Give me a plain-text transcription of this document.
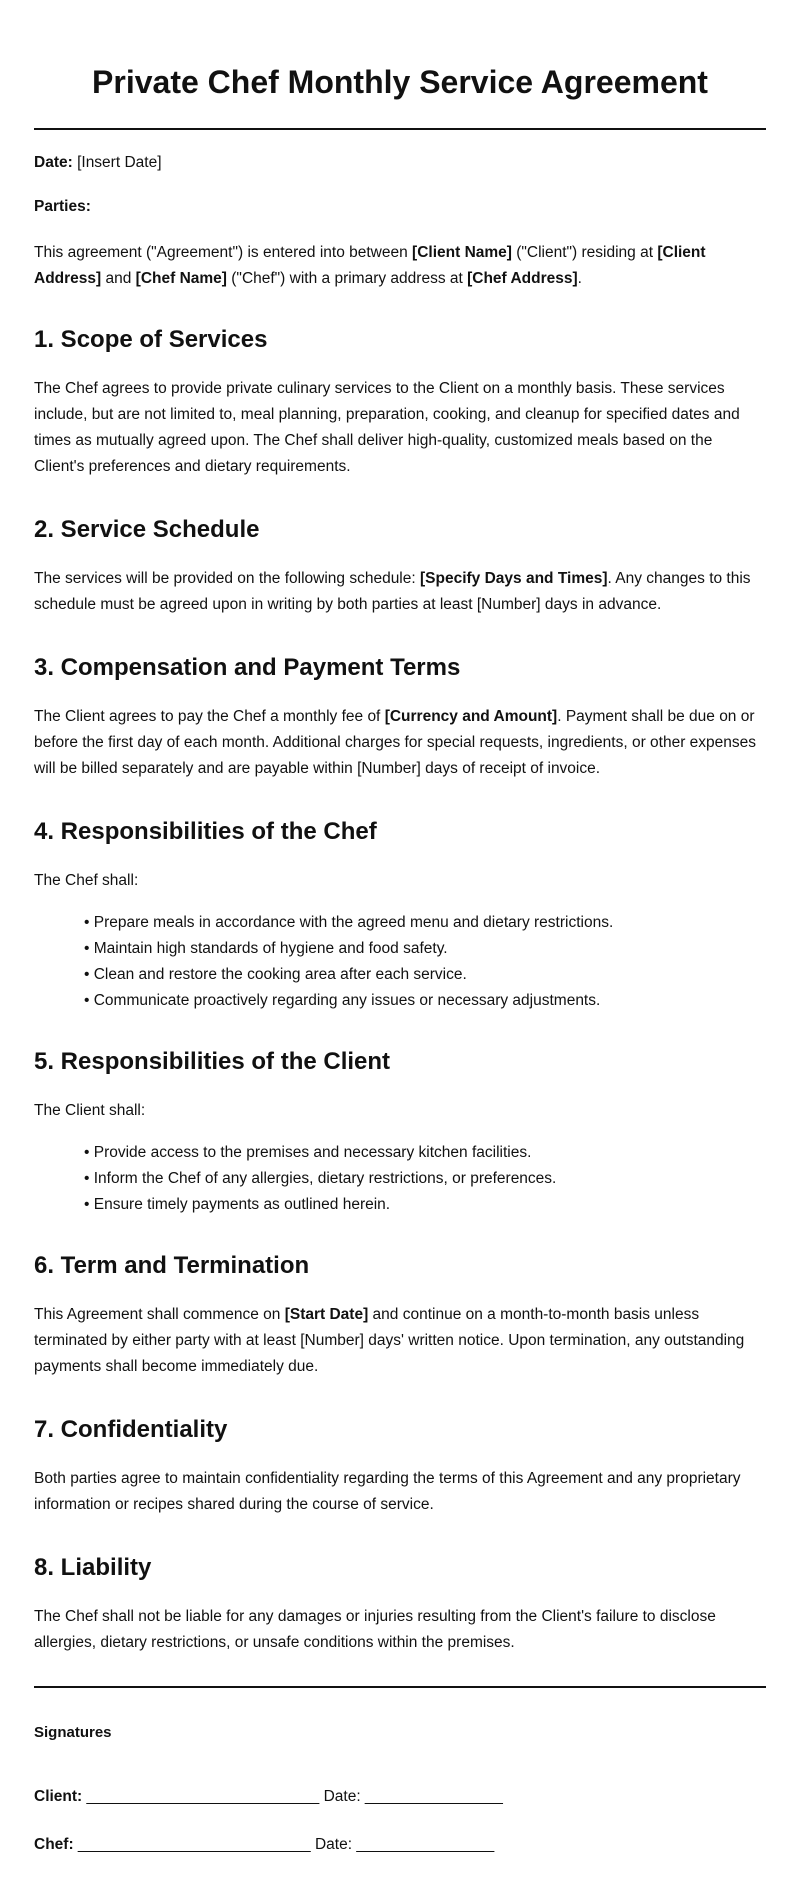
Private Chef Monthly Service Agreement

Date: [Insert Date]

Parties:

This agreement ("Agreement") is entered into between [Client Name] ("Client") residing at [Client Address] and [Chef Name] ("Chef") with a primary address at [Chef Address].

1. Scope of Services

The Chef agrees to provide private culinary services to the Client on a monthly basis. These services include, but are not limited to, meal planning, preparation, cooking, and cleanup for specified dates and times as mutually agreed upon. The Chef shall deliver high-quality, customized meals based on the Client's preferences and dietary requirements.

2. Service Schedule

The services will be provided on the following schedule: [Specify Days and Times]. Any changes to this schedule must be agreed upon in writing by both parties at least [Number] days in advance.

3. Compensation and Payment Terms

The Client agrees to pay the Chef a monthly fee of [Currency and Amount]. Payment shall be due on or before the first day of each month. Additional charges for special requests, ingredients, or other expenses will be billed separately and are payable within [Number] days of receipt of invoice.

4. Responsibilities of the Chef

The Chef shall:

• Prepare meals in accordance with the agreed menu and dietary restrictions.
• Maintain high standards of hygiene and food safety.
• Clean and restore the cooking area after each service.
• Communicate proactively regarding any issues or necessary adjustments.
5. Responsibilities of the Client

The Client shall:

• Provide access to the premises and necessary kitchen facilities.
• Inform the Chef of any allergies, dietary restrictions, or preferences.
• Ensure timely payments as outlined herein.
6. Term and Termination

This Agreement shall commence on [Start Date] and continue on a month-to-month basis unless terminated by either party with at least [Number] days' written notice. Upon termination, any outstanding payments shall become immediately due.

7. Confidentiality

Both parties agree to maintain confidentiality regarding the terms of this Agreement and any proprietary information or recipes shared during the course of service.

8. Liability

The Chef shall not be liable for any damages or injuries resulting from the Client's failure to disclose allergies, dietary restrictions, or unsafe conditions within the premises.

Signatures

Client: ___________________________ Date: ________________

Chef: ___________________________ Date: ________________
